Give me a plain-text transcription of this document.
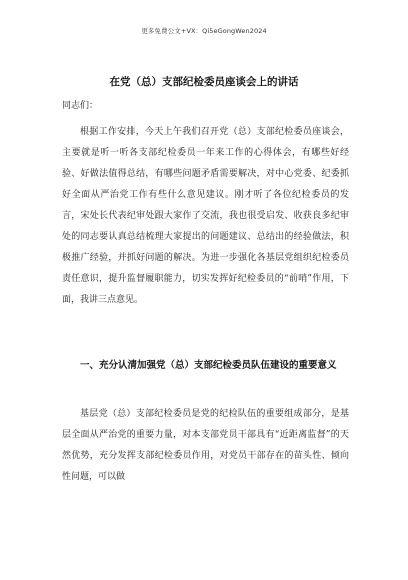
更多免费公文+VX：Qi5eGongWen2024
在党（总）支部纪检委员座谈会上的讲话
同志们：

根据工作安排，今天上午我们召开党（总）支部纪检委员座谈会，主要就是听一听各支部纪检委员一年来工作的心得体会，有哪些好经验、好做法值得总结，有哪些问题矛盾需要解决，对中心党委、纪委抓好全面从严治党工作有些什么意见建议。刚才听了各位纪检委员的发言，宋处长代表纪审处跟大家作了交流，我也很受启发、收获良多纪审处的同志要认真总结梳理大家提出的问题建议、总结出的经验做法，积极推广经验，并抓好问题的解决。为进一步强化各基层党组织纪检委员责任意识，提升监督履职能力，切实发挥好纪检委员的“前哨”作用，下面，我讲三点意见。

一、充分认清加强党（总）支部纪检委员队伍建设的重要意义

基层党（总）支部纪检委员是党的纪检队伍的重要组成部分，是基层全面从严治党的重要力量，对本支部党员干部具有“近距离监督”的天然优势，充分发挥支部纪检委员作用，对党员干部存在的苗头性、倾向性问题，可以做
